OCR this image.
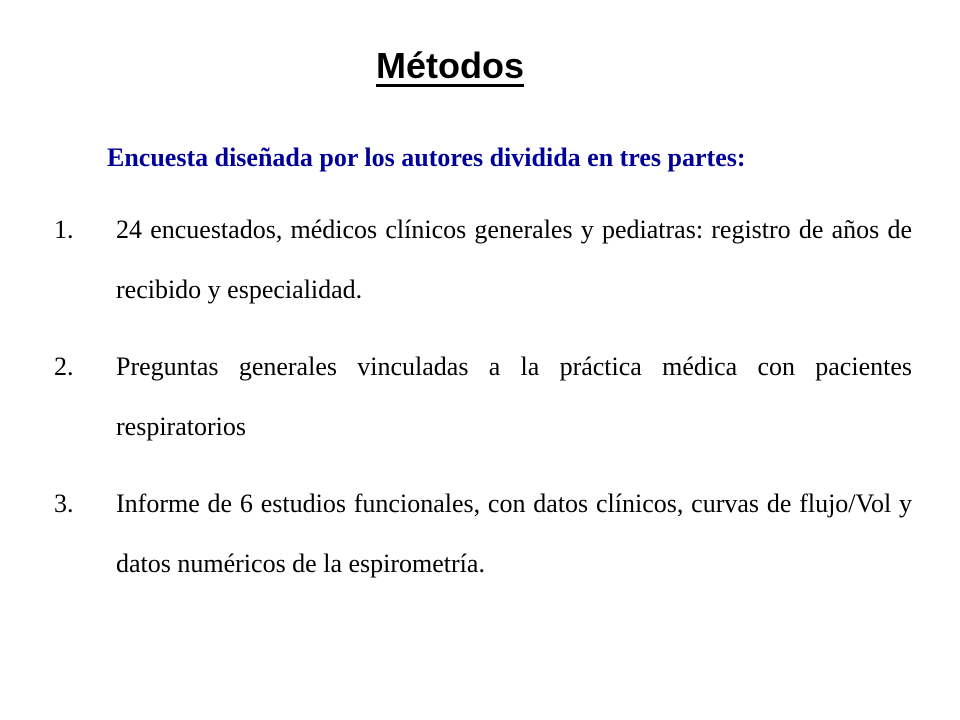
Métodos

Encuesta diseñada por los autores dividida en tres partes:

1. 24 encuestados, médicos clínicos generales y pediatras: registro de años de recibido y especialidad.
2. Preguntas generales vinculadas a la práctica médica con pacientes respiratorios
3. Informe de 6 estudios funcionales, con datos clínicos, curvas de flujo/Vol y datos numéricos de la espirometría.
